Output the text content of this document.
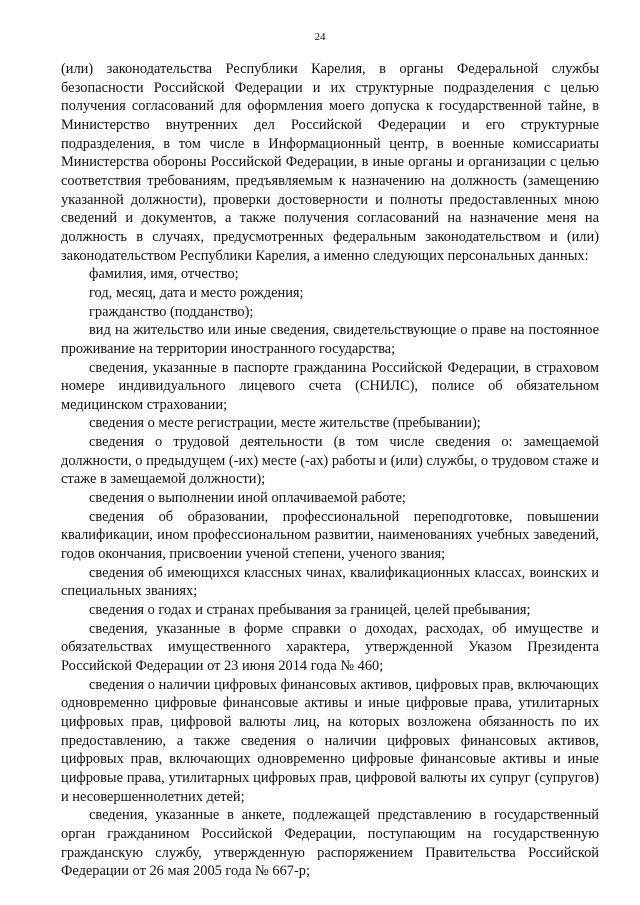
24

(или) законодательства Республики Карелия, в органы Федеральной службы безопасности Российской Федерации и их структурные подразделения с целью получения согласований для оформления моего допуска к государственной тайне, в Министерство внутренних дел Российской Федерации и его структурные подразделения, в том числе в Информационный центр, в военные комиссариаты Министерства обороны Российской Федерации, в иные органы и организации с целью соответствия требованиям, предъявляемым к назначению на должность (замещению указанной должности), проверки достоверности и полноты предоставленных мною сведений и документов, а также получения согласований на назначение меня на должность в случаях, предусмотренных федеральным законодательством и (или) законодательством Республики Карелия, а именно следующих персональных данных:

фамилия, имя, отчество;

год, месяц, дата и место рождения;

гражданство (подданство);

вид на жительство или иные сведения, свидетельствующие о праве на постоянное проживание на территории иностранного государства;

сведения, указанные в паспорте гражданина Российской Федерации, в страховом номере индивидуального лицевого счета (СНИЛС), полисе об обязательном медицинском страховании;

сведения о месте регистрации, месте жительстве (пребывании);

сведения о трудовой деятельности (в том числе сведения о: замещаемой должности, о предыдущем (-их) месте (-ах) работы и (или) службы, о трудовом стаже и стаже в замещаемой должности);

сведения о выполнении иной оплачиваемой работе;

сведения об образовании, профессиональной переподготовке, повышении квалификации, ином профессиональном развитии, наименованиях учебных заведений, годов окончания, присвоении ученой степени, ученого звания;

сведения об имеющихся классных чинах, квалификационных классах, воинских и специальных званиях;

сведения о годах и странах пребывания за границей, целей пребывания;

сведения, указанные в форме справки о доходах, расходах, об имуществе и обязательствах имущественного характера, утвержденной Указом Президента Российской Федерации от 23 июня 2014 года № 460;

сведения о наличии цифровых финансовых активов, цифровых прав, включающих одновременно цифровые финансовые активы и иные цифровые права, утилитарных цифровых прав, цифровой валюты лиц, на которых возложена обязанность по их предоставлению, а также сведения о наличии цифровых финансовых активов, цифровых прав, включающих одновременно цифровые финансовые активы и иные цифровые права, утилитарных цифровых прав, цифровой валюты их супруг (супругов) и несовершеннолетних детей;

сведения, указанные в анкете, подлежащей представлению в государственный орган гражданином Российской Федерации, поступающим на государственную гражданскую службу, утвержденную распоряжением Правительства Российской Федерации от 26 мая 2005 года № 667-р;
